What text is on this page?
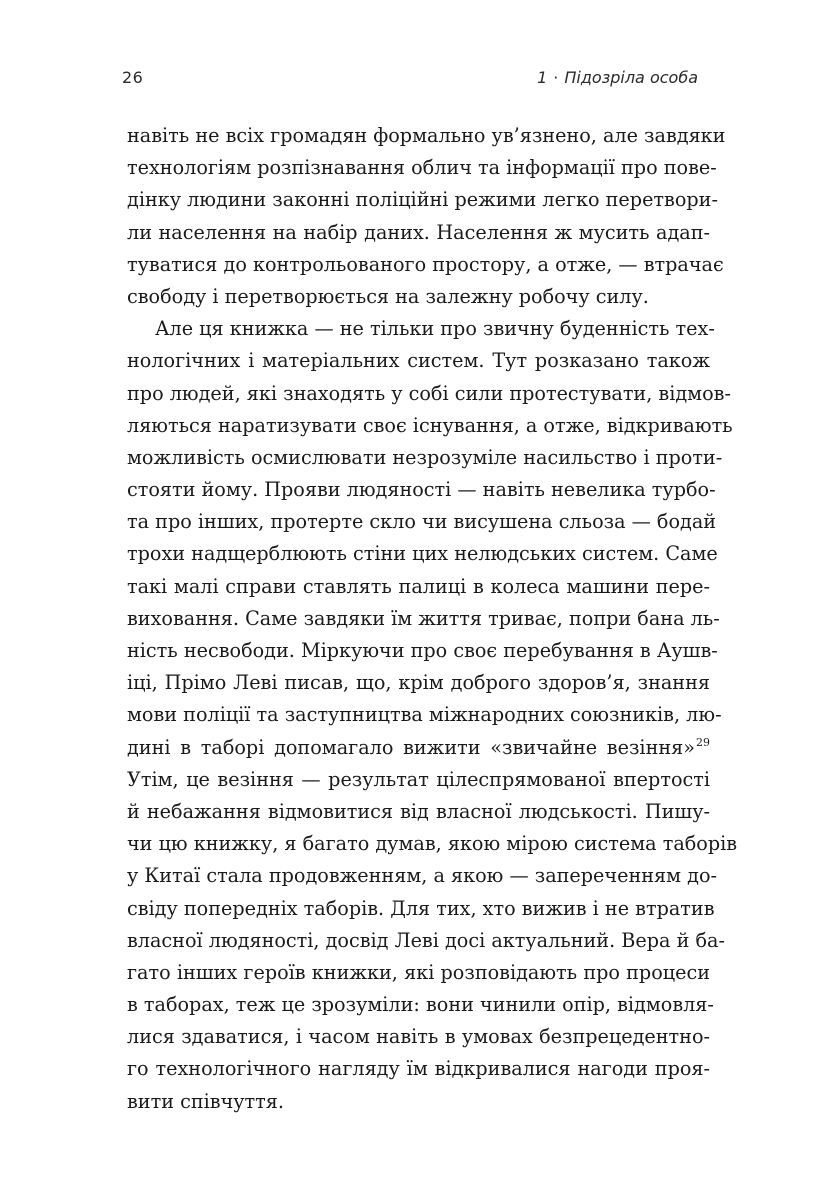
26	1 · Підозріла особа
навіть не всіх громадян формально ув’язнено, але завдяки
технологіям розпізнавання облич та інформації про пове-
дінку людини законні поліційні режими легко перетвори-
ли населення на набір даних. Населення ж мусить адап-
туватися до контрольованого простору, а отже, — втрачає
свободу і перетворюється на залежну робочу силу.
Але ця книжка — не тільки про звичну буденність тех-
нологічних і матеріальних систем. Тут розказано також
про людей, які знаходять у собі сили протестувати, відмов-
ляються нарaтизувати своє існування, а отже, відкривають
можливість осмислювати незрозуміле насильство і проти-
стояти йому. Прояви людяності — навіть невелика турбо-
та про інших, протерте скло чи висушена сльоза — бодай
трохи надщерблюють стіни цих нелюдських систем. Саме
такі малі справи ставлять палиці в колеса машини пере-
виховання. Саме завдяки їм життя триває, попри бана ль-
ність несвободи. Міркуючи про своє перебування в Аушв-
іці, Прімо Леві писав, що, крім доброго здоров’я, знання
мови поліції та заступництва міжнародних союзників, лю-
дині в таборі допомагало вижити «звичайне везіння»$^{29}$
Утім, це везіння — результат цілеспрямованої впертості
й небажання відмовитися від власної людськості. Пишу-
чи цю книжку, я багато думав, якою мірою система таборів
у Китаї стала продовженням, а якою — запереченням до-
свіду попередніх таборів. Для тих, хто вижив і не втратив
власної людяності, досвід Леві досі актуальний. Вера й ба-
гато інших героїв книжки, які розповідають про процеси
в таборах, теж це зрозуміли: вони чинили опір, відмовля-
лися здаватися, і часом навіть в умовах безпрецедентно-
го технологічного нагляду їм відкривалися нагоди проя-
вити співчуття.
